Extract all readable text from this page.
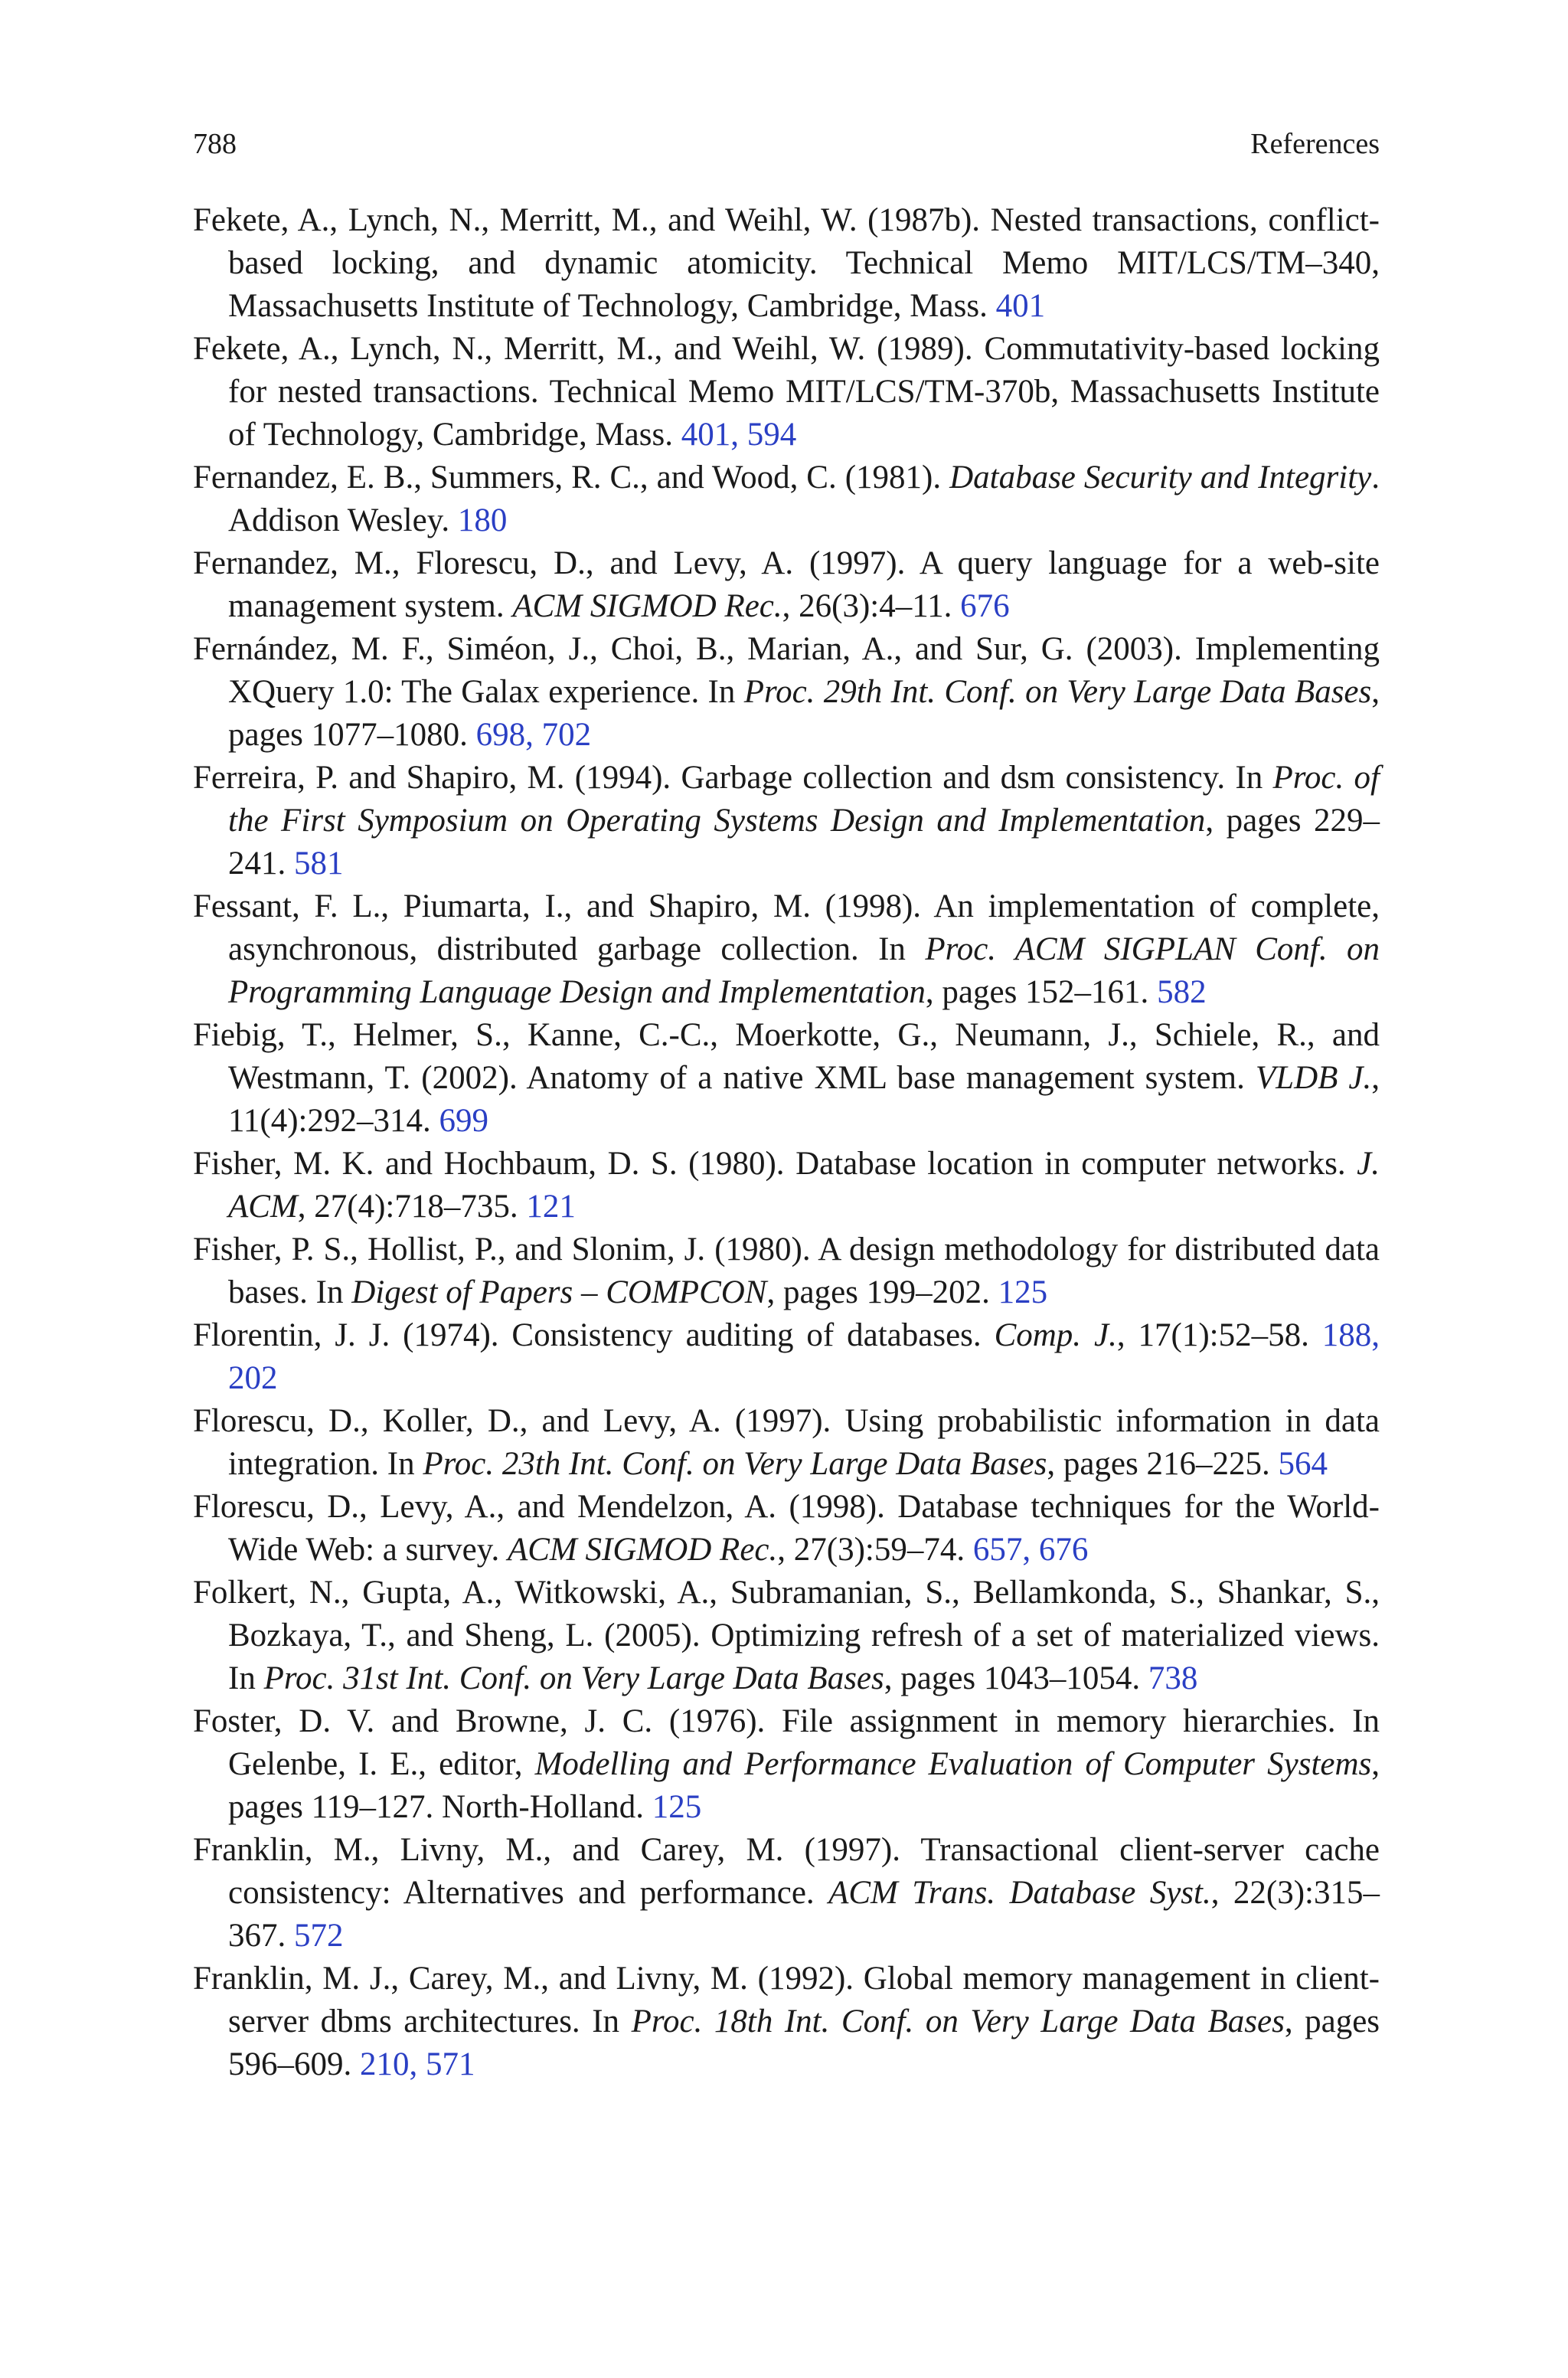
788	References

Fekete, A., Lynch, N., Merritt, M., and Weihl, W. (1987b). Nested transactions, conflict-based locking, and dynamic atomicity. Technical Memo MIT/LCS/TM–340, Massachusetts Institute of Technology, Cambridge, Mass. 401

Fekete, A., Lynch, N., Merritt, M., and Weihl, W. (1989). Commutativity-based locking for nested transactions. Technical Memo MIT/LCS/TM-370b, Massachusetts Institute of Technology, Cambridge, Mass. 401, 594

Fernandez, E. B., Summers, R. C., and Wood, C. (1981). Database Security and Integrity. Addison Wesley. 180

Fernandez, M., Florescu, D., and Levy, A. (1997). A query language for a web-site management system. ACM SIGMOD Rec., 26(3):4–11. 676

Fernández, M. F., Siméon, J., Choi, B., Marian, A., and Sur, G. (2003). Implementing XQuery 1.0: The Galax experience. In Proc. 29th Int. Conf. on Very Large Data Bases, pages 1077–1080. 698, 702

Ferreira, P. and Shapiro, M. (1994). Garbage collection and dsm consistency. In Proc. of the First Symposium on Operating Systems Design and Implementation, pages 229–241. 581

Fessant, F. L., Piumarta, I., and Shapiro, M. (1998). An implementation of complete, asynchronous, distributed garbage collection. In Proc. ACM SIGPLAN Conf. on Programming Language Design and Implementation, pages 152–161. 582

Fiebig, T., Helmer, S., Kanne, C.-C., Moerkotte, G., Neumann, J., Schiele, R., and Westmann, T. (2002). Anatomy of a native XML base management system. VLDB J., 11(4):292–314. 699

Fisher, M. K. and Hochbaum, D. S. (1980). Database location in computer networks. J. ACM, 27(4):718–735. 121

Fisher, P. S., Hollist, P., and Slonim, J. (1980). A design methodology for distributed data bases. In Digest of Papers – COMPCON, pages 199–202. 125

Florentin, J. J. (1974). Consistency auditing of databases. Comp. J., 17(1):52–58. 188, 202

Florescu, D., Koller, D., and Levy, A. (1997). Using probabilistic information in data integration. In Proc. 23th Int. Conf. on Very Large Data Bases, pages 216–225. 564

Florescu, D., Levy, A., and Mendelzon, A. (1998). Database techniques for the World-Wide Web: a survey. ACM SIGMOD Rec., 27(3):59–74. 657, 676

Folkert, N., Gupta, A., Witkowski, A., Subramanian, S., Bellamkonda, S., Shankar, S., Bozkaya, T., and Sheng, L. (2005). Optimizing refresh of a set of materialized views. In Proc. 31st Int. Conf. on Very Large Data Bases, pages 1043–1054. 738

Foster, D. V. and Browne, J. C. (1976). File assignment in memory hierarchies. In Gelenbe, I. E., editor, Modelling and Performance Evaluation of Computer Systems, pages 119–127. North-Holland. 125

Franklin, M., Livny, M., and Carey, M. (1997). Transactional client-server cache consistency: Alternatives and performance. ACM Trans. Database Syst., 22(3):315–367. 572

Franklin, M. J., Carey, M., and Livny, M. (1992). Global memory management in client-server dbms architectures. In Proc. 18th Int. Conf. on Very Large Data Bases, pages 596–609. 210, 571
